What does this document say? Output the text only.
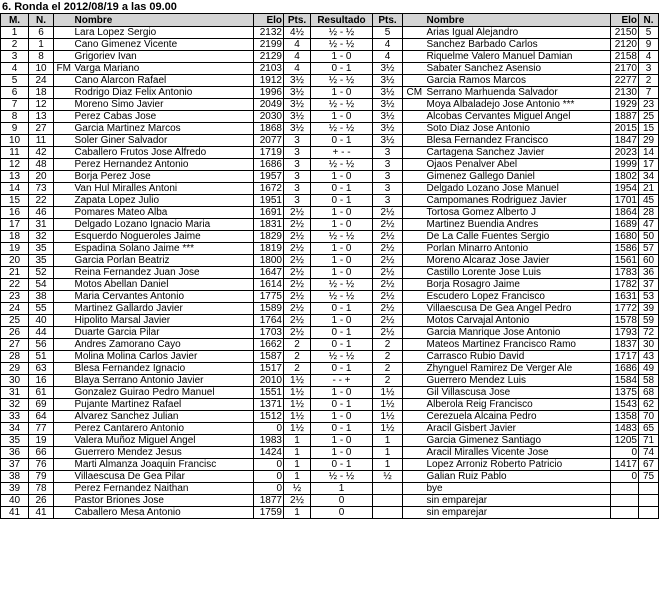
6. Ronda el 2012/08/19 a las 09.00
M.	N.		Nombre	Elo	Pts.	Resultado	Pts.		Nombre	Elo	N.
1	6		Lara Lopez Sergio	2132	4½	½ - ½	5		Arias Igual Alejandro	2150	5
2	1		Cano Gimenez Vicente	2199	4	½ - ½	4		Sanchez Barbado Carlos	2120	9
3	8		Grigoriev Ivan	2129	4	1 - 0	4		Riquelme Valero Manuel Damian	2158	4
4	10	FM	Varga Mariano	2103	4	0 - 1	3½		Sabater Sanchez Asensio	2170	3
5	24		Cano Alarcon Rafael	1912	3½	½ - ½	3½		Garcia Ramos Marcos	2277	2
6	18		Rodrigo Diaz Felix Antonio	1996	3½	1 - 0	3½	CM	Serrano Marhuenda Salvador	2130	7
7	12		Moreno Simo Javier	2049	3½	½ - ½	3½		Moya Albaladejo Jose Antonio ***	1929	23
8	13		Perez Cabas Jose	2030	3½	1 - 0	3½		Alcobas Cervantes Miguel Angel	1887	25
9	27		Garcia Martinez Marcos	1868	3½	½ - ½	3½		Soto Diaz Jose Antonio	2015	15
10	11		Soler Giner Salvador	2077	3	0 - 1	3½		Blesa Fernandez Francisco	1847	29
11	42		Caballero Frutos Jose Alfredo	1719	3	+ - -	3		Cartagena Sanchez Javier	2023	14
12	48		Perez Hernandez Antonio	1686	3	½ - ½	3		Ojaos Penalver Abel	1999	17
13	20		Borja Perez Jose	1957	3	1 - 0	3		Gimenez Gallego Daniel	1802	34
14	73		Van Hul Miralles Antoni	1672	3	0 - 1	3		Delgado Lozano Jose Manuel	1954	21
15	22		Zapata Lopez Julio	1951	3	0 - 1	3		Campomanes Rodriguez Javier	1701	45
16	46		Pomares Mateo Alba	1691	2½	1 - 0	2½		Tortosa Gomez Alberto J	1864	28
17	31		Delgado Lozano Ignacio Maria	1831	2½	1 - 0	2½		Martinez Buendia Andres	1689	47
18	32		Esquerdo Nogueroles Jaime	1829	2½	½ - ½	2½		De La Calle Fuentes Sergio	1680	50
19	35		Espadina Solano Jaime ***	1819	2½	1 - 0	2½		Porlan Minarro Antonio	1586	57
20	35		Garcia Porlan Beatriz	1800	2½	1 - 0	2½		Moreno Alcaraz Jose Javier	1561	60
21	52		Reina Fernandez Juan Jose	1647	2½	1 - 0	2½		Castillo Lorente Jose Luis	1783	36
22	54		Motos Abellan Daniel	1614	2½	½ - ½	2½		Borja Rosagro Jaime	1782	37
23	38		Maria Cervantes Antonio	1775	2½	½ - ½	2½		Escudero Lopez Francisco	1631	53
24	55		Martinez Gallardo Javier	1589	2½	0 - 1	2½		Villaescusa De Gea Angel Pedro	1772	39
25	40		Hipolito Marsal Javier	1764	2½	1 - 0	2½		Motos Carvajal Antonio	1578	59
26	44		Duarte Garcia Pilar	1703	2½	0 - 1	2½		Garcia Manrique Jose Antonio	1793	72
27	56		Andres Zamorano Cayo	1662	2	0 - 1	2		Mateos Martinez Francisco Ramo	1837	30
28	51		Molina Molina Carlos Javier	1587	2	½ - ½	2		Carrasco Rubio David	1717	43
29	63		Blesa Fernandez Ignacio	1517	2	0 - 1	2		Zhynguel Ramirez De Verger Ale	1686	49
30	16		Blaya Serrano Antonio Javier	2010	1½	- - +	2		Guerrero Mendez Luis	1584	58
31	61		Gonzalez Guirao Pedro Manuel	1551	1½	1 - 0	1½		Gil Villascusa Jose	1375	68
32	69		Pujante Martinez Rafael	1371	1½	0 - 1	1½		Alberola Reig Francisco	1543	62
33	64		Alvarez Sanchez Julian	1512	1½	1 - 0	1½		Cerezuela Alcaina Pedro	1358	70
34	77		Perez Cantarero Antonio	0	1½	0 - 1	1½		Aracil Gisbert Javier	1483	65
35	19		Valera Muñoz Miguel Angel	1983	1	1 - 0	1		Garcia Gimenez Santiago	1205	71
36	66		Guerrero Mendez Jesus	1424	1	1 - 0	1		Aracil Miralles Vicente Jose	0	74
37	76		Marti Almanza Joaquin Francisc	0	1	0 - 1	1		Lopez Arroniz Roberto Patricio	1417	67
38	79		Villaescusa De Gea Pilar	0	1	½ - ½	½		Galian Ruiz Pablo	0	75
39	78		Perez Fernandez Naithan	0	½	1			bye		
40	26		Pastor Briones Jose	1877	2½	0			sin emparejar		
41	41		Caballero Mesa Antonio	1759	1	0			sin emparejar		
